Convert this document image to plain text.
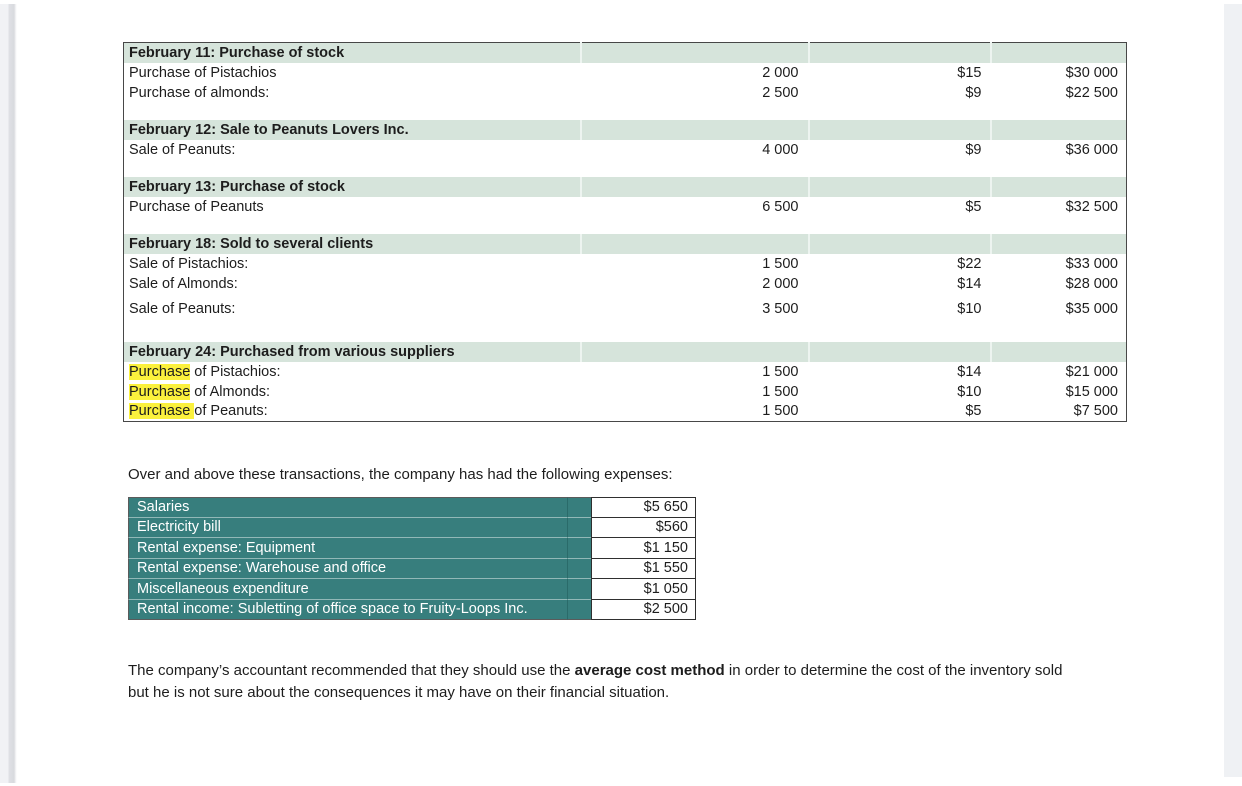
February 11: Purchase of stock			
Purchase of Pistachios	2 000	$15	$30 000
Purchase of almonds:	2 500	$9	$22 500

February 12: Sale to Peanuts Lovers Inc.			
Sale of Peanuts:	4 000	$9	$36 000

February 13: Purchase of stock			
Purchase of Peanuts	6 500	$5	$32 500

February 18: Sold to several clients			
Sale of Pistachios:	1 500	$22	$33 000
Sale of Almonds:	2 000	$14	$28 000
Sale of Peanuts:	3 500	$10	$35 000

February 24: Purchased from various suppliers			
Purchase of Pistachios:	1 500	$14	$21 000
Purchase of Almonds:	1 500	$10	$15 000
Purchase of Peanuts:	1 500	$5	$7 500

Over and above these transactions, the company has had the following expenses:

Salaries		$5 650
Electricity bill		$560
Rental expense: Equipment		$1 150
Rental expense: Warehouse and office		$1 550
Miscellaneous expenditure		$1 050
Rental income: Subletting of office space to Fruity-Loops Inc.		$2 500

The company’s accountant recommended that they should use the average cost method in order to determine the cost of the inventory sold
but he is not sure about the consequences it may have on their financial situation.
